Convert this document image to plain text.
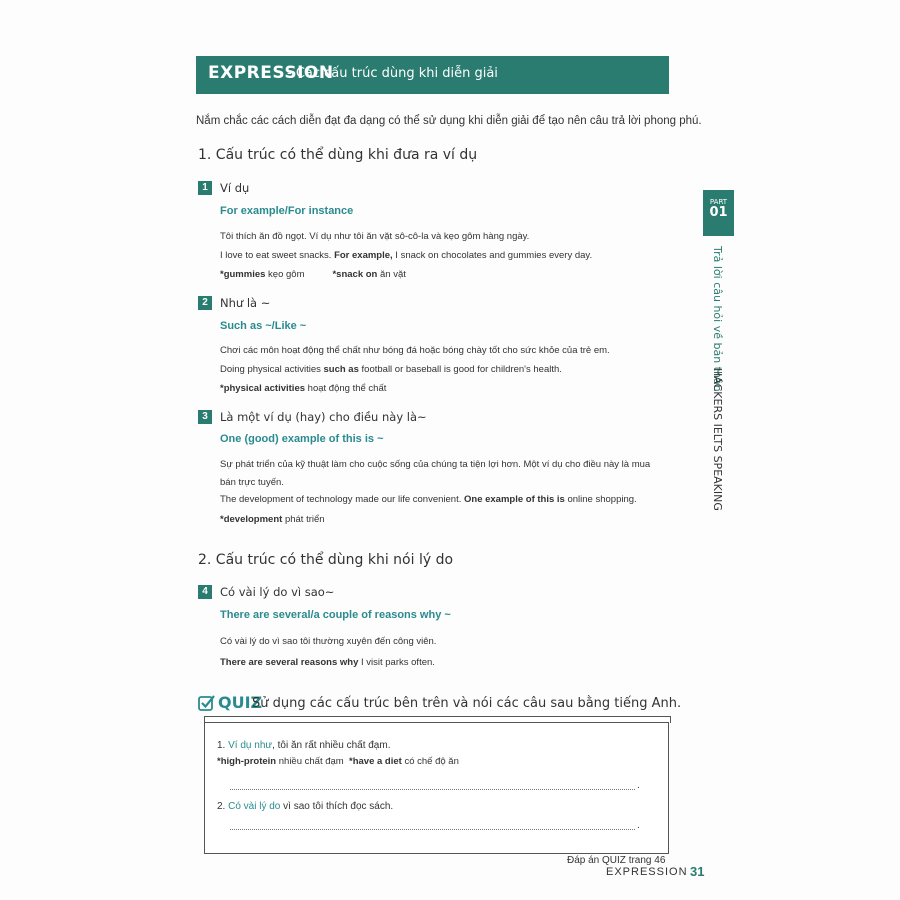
EXPRESSION
- Các cấu trúc dùng khi diễn giải
Nắm chắc các cách diễn đạt đa dạng có thể sử dụng khi diễn giải để tạo nên câu trả lời phong phú.
1. Cấu trúc có thể dùng khi đưa ra ví dụ
1	Ví dụ
For example/For instance
Tôi thích ăn đồ ngọt. Ví dụ như tôi ăn vặt sô-cô-la và kẹo gôm hàng ngày.
I love to eat sweet snacks. For example, I snack on chocolates and gummies every day.
*gummies kẹo gôm	*snack on ăn vặt
2	Như là ~
Such as ~/Like ~
Chơi các môn hoạt động thể chất như bóng đá hoặc bóng chày tốt cho sức khỏe của trẻ em.
Doing physical activities such as football or baseball is good for children's health.
*physical activities hoạt động thể chất
3	Là một ví dụ (hay) cho điều này là~
One (good) example of this is ~
Sự phát triển của kỹ thuật làm cho cuộc sống của chúng ta tiện lợi hơn. Một ví dụ cho điều này là mua
bán trực tuyến.
The development of technology made our life convenient. One example of this is online shopping.
*development phát triển
2. Cấu trúc có thể dùng khi nói lý do
4	Có vài lý do vì sao~
There are several/a couple of reasons why ~
Có vài lý do vì sao tôi thường xuyên đến công viên.
There are several reasons why I visit parks often.
PART
01
Trả lời câu hỏi về bản thân
HACKERS IELTS SPEAKING
QUIZ
Sử dụng các cấu trúc bên trên và nói các câu sau bằng tiếng Anh.
1. Ví dụ như, tôi ăn rất nhiều chất đạm.
*high-protein nhiều chất đạm *have a diet có chế độ ăn
.
2. Có vài lý do vì sao tôi thích đọc sách.
.
Đáp án QUIZ trang 46
EXPRESSION 31
